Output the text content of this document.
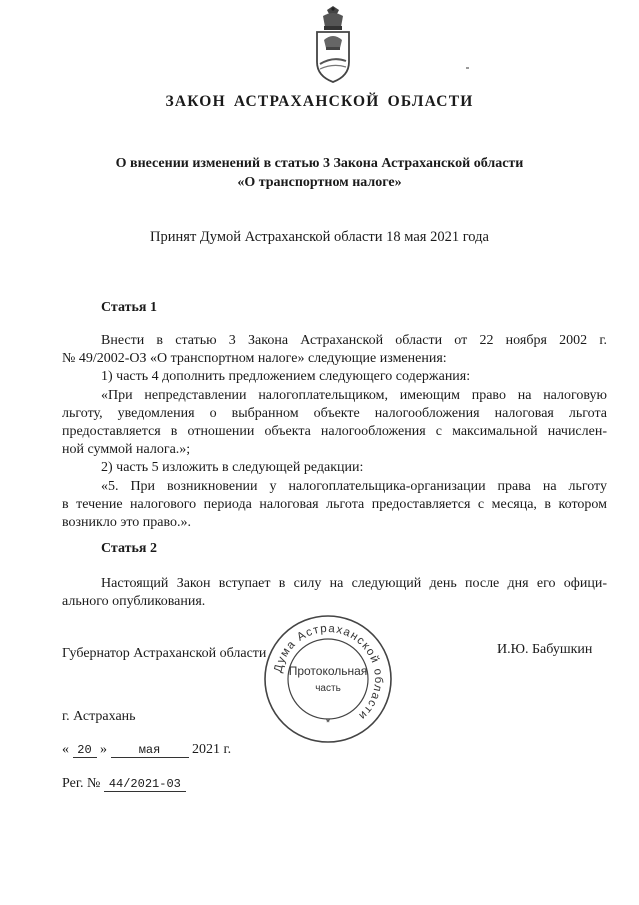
ЗАКОН АСТРАХАНСКОЙ ОБЛАСТИ
О внесении изменений в статью 3 Закона Астраханской области
«О транспортном налоге»
Принят Думой Астраханской области 18 мая 2021 года
Статья 1
Внести в статью 3 Закона Астраханской области от 22 ноября 2002 г.
№ 49/2002-ОЗ «О транспортном налоге» следующие изменения:
1) часть 4 дополнить предложением следующего содержания:
«При непредставлении налогоплательщиком, имеющим право на налоговую
льготу, уведомления о выбранном объекте налогообложения налоговая льгота
предоставляется в отношении объекта налогообложения с максимальной начислен-
ной суммой налога.»;
2) часть 5 изложить в следующей редакции:
«5. При возникновении у налогоплательщика-организации права на льготу
в течение налогового периода налоговая льгота предоставляется с месяца, в котором
возникло это право.».
Статья 2
Настоящий Закон вступает в силу на следующий день после дня его офици-
ального опубликования.
Губернатор Астраханской области	И.Ю. Бабушкин
Дума Астраханской области
Протокольная
часть
*
г. Астрахань
« 20 »	мая 2021 г.
Рег. № 44/2021-03
